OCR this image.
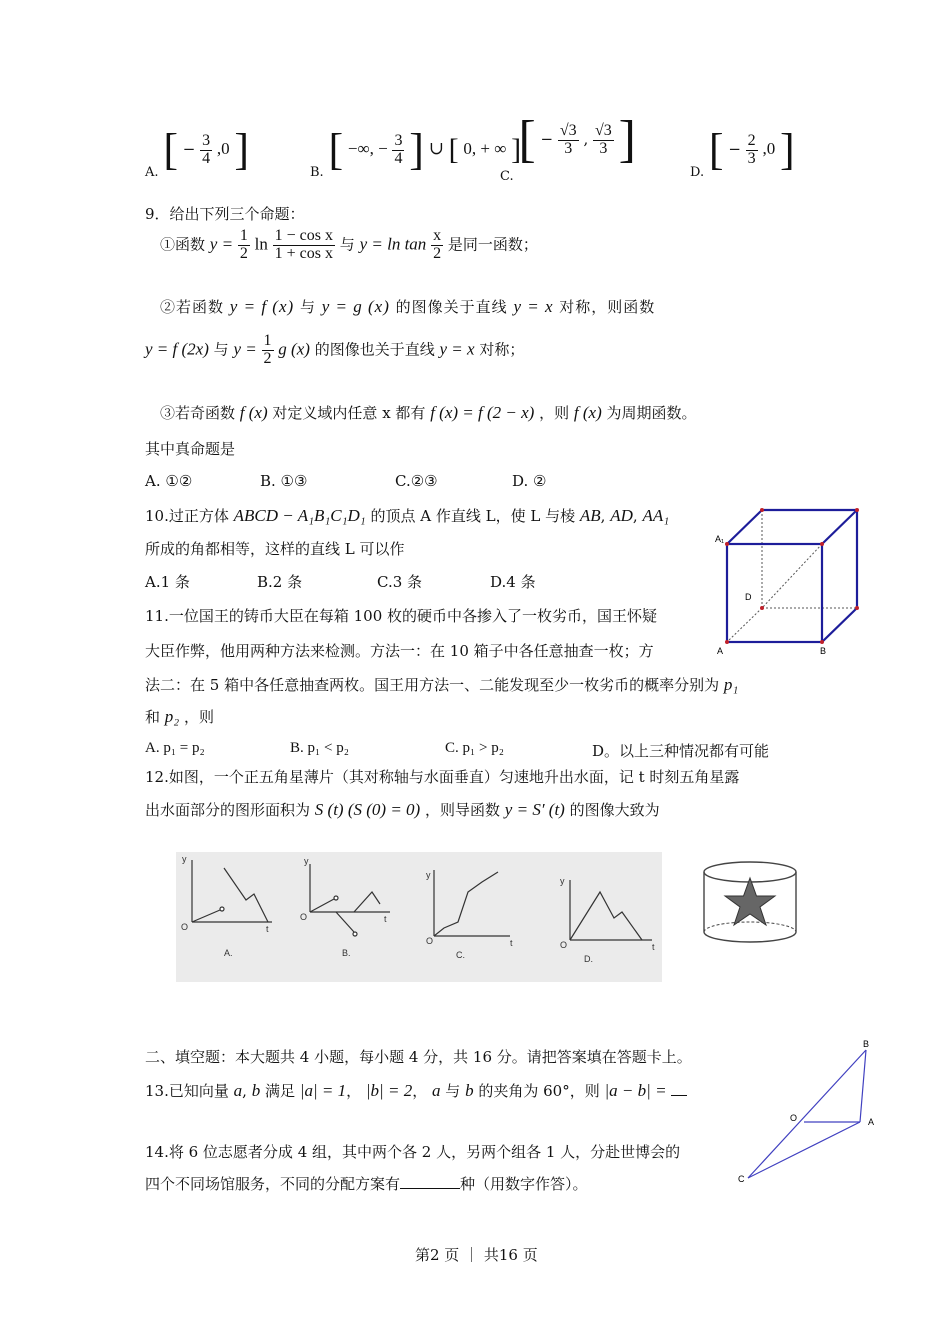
A. [ − $\frac{3}{4} ,0$ ]	B. [ −∞, − $\frac{3}{4}$ ] ∪ [ 0, + ∞ ]
C. [ − $\frac{√3}{3}$ , $\frac{√3}{3}$ ]
D. [ − $\frac{2}{3} ,0$ ]
9．给出下列三个命题：
①函数 $y = \frac{1}{2}$ $\ln \frac{\text{1 − cos x}}{\text{1 + cos x}}$ 与 $y = \ln \tan \frac{x}{2}$ 是同一函数；
②若函数 y = f (x) 与 y = g (x) 的图像关于直线 y = x 对称，则函数
y = f (2x) 与 $y = \frac{1}{2}$ g (x) 的图像也关于直线 y = x 对称；
③若奇函数 f (x) 对定义域内任意 x 都有 f (x) = f (2 − x) ，则 f (x) 为周期函数。
其中真命题是
A. ①②	B. ①③	C.②③	D. ②
10.过正方体 ABCD − A₁B₁C₁D₁ 的顶点 A 作直线 L，使 L 与棱 AB, AD, AA₁
所成的角都相等，这样的直线 L 可以作
A.1 条	B.2 条	C.3 条	D.4 条
A₁
D
A	B
11.一位国王的铸币大臣在每箱 100 枚的硬币中各掺入了一枚劣币，国王怀疑
大臣作弊，他用两种方法来检测。方法一：在 10 箱子中各任意抽查一枚；方
法二：在 5 箱中各任意抽查两枚。国王用方法一、二能发现至少一枚劣币的概率分别为 p₁
和 p₂ ，则
A. p₁ = p₂	B. p₁ < p₂	C. p₁ > p₂	D。以上三种情况都有可能
12.如图，一个正五角星薄片（其对称轴与水面垂直）匀速地升出水面，记 t 时刻五角星露
出水面部分的图形面积为 S (t) (S (0) = 0) ，则导函数 y = S′ (t) 的图像大致为
y
O	t
A.
y
O	t
B.
y
O	t
C.
y
O	t
D.
二、填空题：本大题共 4 小题，每小题 4 分，共 16 分。请把答案填在答题卡上。
13.已知向量 a, b 满足 |a| = 1， |b| = 2， a 与 b 的夹角为 60°，则 |a − b| =
14.将 6 位志愿者分成 4 组，其中两个各 2 人，另两个组各 1 人，分赴世博会的
四个不同场馆服务，不同的分配方案有	种（用数字作答）。
B
O	A
C
第2 页 ｜ 共16 页
